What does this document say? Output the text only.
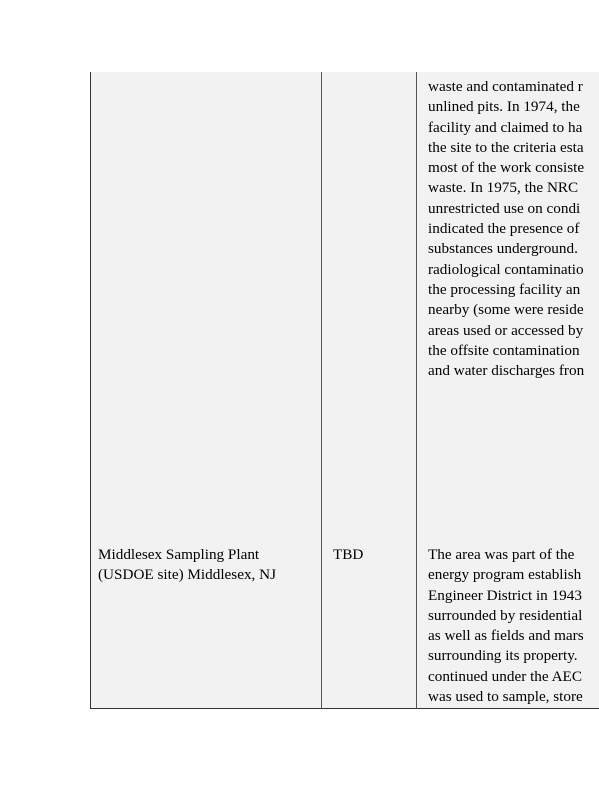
waste and contaminated r
unlined pits. In 1974, the
facility and claimed to ha
the site to the criteria esta
most of the work consiste
waste. In 1975, the NRC
unrestricted use on condi
indicated the presence of
substances underground.
radiological contaminatio
the processing facility an
nearby (some were reside
areas used or accessed by
the offsite contamination
and water discharges fron
Middlesex Sampling Plant
(USDOE site) Middlesex, NJ
TBD	The area was part of the
energy program establish
Engineer District in 1943
surrounded by residential
as well as fields and mars
surrounding its property.
continued under the AEC
was used to sample, store
